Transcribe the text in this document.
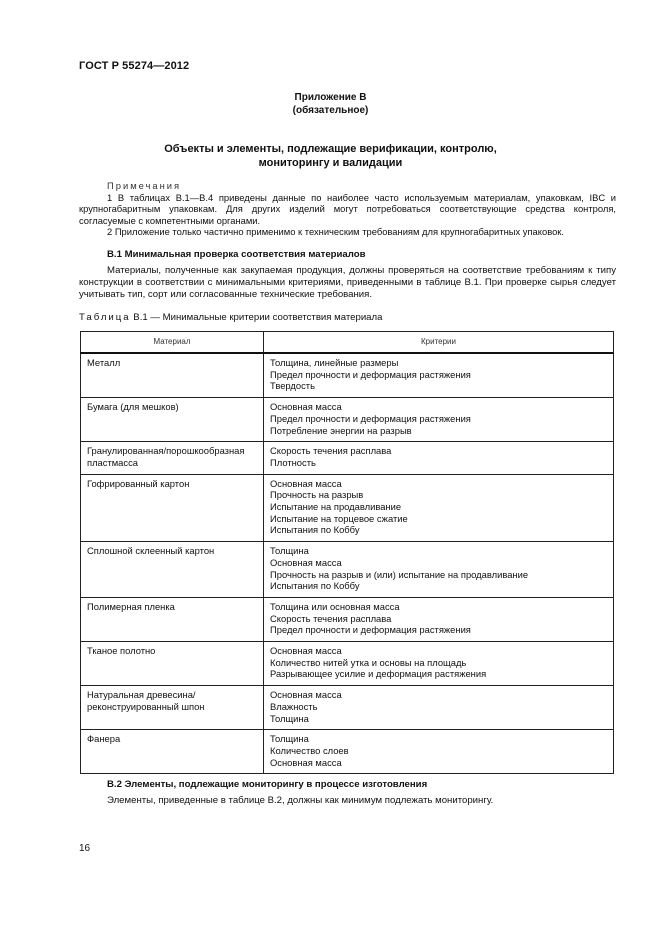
ГОСТ Р 55274—2012
Приложение В
(обязательное)
Объекты и элементы, подлежащие верификации, контролю,
мониторингу и валидации
Примечания

1 В таблицах В.1—В.4 приведены данные по наиболее часто используемым материалам, упаковкам, IBC и крупногабаритным упаковкам. Для других изделий могут потребоваться соответствующие средства контроля, согласуемые с компетентными органами.

2 Приложение только частично применимо к техническим требованиям для крупногабаритных упаковок.

В.1 Минимальная проверка соответствия материалов

Материалы, полученные как закупаемая продукция, должны проверяться на соответствие требованиям к типу конструкции в соответствии с минимальными критериями, приведенными в таблице В.1. При проверке сырья следует учитывать тип, сорт или согласованные технические требования.

Таблица В.1 — Минимальные критерии соответствия материала
Материал	Критерии
Металл	Толщина, линейные размеры
Предел прочности и деформация растяжения
Твердость

Бумага (для мешков)	Основная масса
Предел прочности и деформация растяжения
Потребление энергии на разрыв

Гранулированная/порошкообразная пластмасса	Скорость течения расплава
Плотность

Гофрированный картон	Основная масса
Прочность на разрыв
Испытание на продавливание
Испытание на торцевое сжатие
Испытания по Коббу

Сплошной склеенный картон	Толщина
Основная масса
Прочность на разрыв и (или) испытание на продавливание
Испытания по Коббу

Полимерная пленка	Толщина или основная масса
Скорость течения расплава
Предел прочности и деформация растяжения

Тканое полотно	Основная масса
Количество нитей утка и основы на площадь
Разрывающее усилие и деформация растяжения

Натуральная древесина/реконструированный шпон	Основная масса
Влажность
Толщина

Фанера	Толщина
Количество слоев
Основная масса
В.2 Элементы, подлежащие мониторингу в процессе изготовления

Элементы, приведенные в таблице В.2, должны как минимум подлежать мониторингу.

16
